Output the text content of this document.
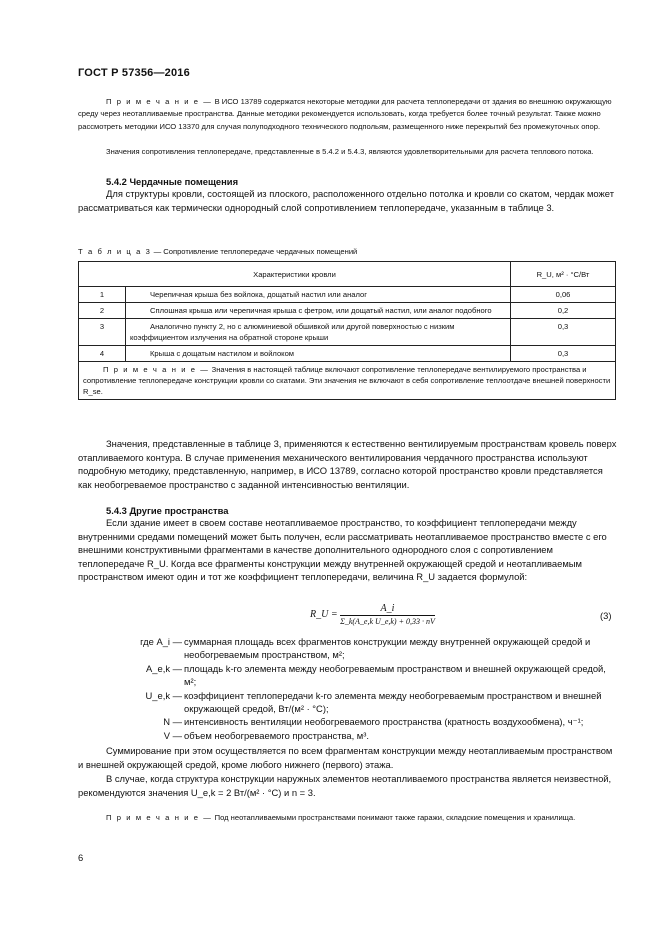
ГОСТ Р 57356—2016
П р и м е ч а н и е — В ИСО 13789 содержатся некоторые методики для расчета теплопередачи от здания во внешнюю окружающую среду через неотапливаемые пространства. Данные методики рекомендуется использовать, когда требуется более точный результат. Также можно рассмотреть методики ИСО 13370 для случая полуподходного технического подпольям, размещенного ниже перекрытий без промежуточных опор.
Значения сопротивления теплопередаче, представленные в 5.4.2 и 5.4.3, являются удовлетворительными для расчета теплового потока.
5.4.2 Чердачные помещения
Для структуры кровли, состоящей из плоского, расположенного отдельно потолка и кровли со скатом, чердак может рассматриваться как термически однородный слой сопротивлением теплопередаче, указанным в таблице 3.
Т а б л и ц а 3 — Сопротивление теплопередаче чердачных помещений
Характеристики кровли		R_U, м² · °C/Вт
1	Черепичная крыша без войлока, дощатый настил или аналог	0,06
2	Сплошная крыша или черепичная крыша с фетром, или дощатый настил, или аналог подобного	0,2
3	Аналогично пункту 2, но с алюминиевой обшивкой или другой поверхностью с низким коэффициентом излучения на обратной стороне крыши	0,3
4	Крыша с дощатым настилом и войлоком	0,3
П р и м е ч а н и е — Значения в настоящей таблице включают сопротивление теплопередаче вентилируемого пространства и сопротивление теплопередаче конструкции кровли со скатами. Эти значения не включают в себя сопротивление теплоотдаче внешней поверхности R_se.		
Значения, представленные в таблице 3, применяются к естественно вентилируемым пространствам кровель поверх отапливаемого контура. В случае применения механического вентилирования чердачного пространства используют подробную методику, представленную, например, в ИСО 13789, согласно которой пространство кровли представляется как необогреваемое пространство с заданной интенсивностью вентиляции.
5.4.3 Другие пространства
Если здание имеет в своем составе неотапливаемое пространство, то коэффициент теплопередачи между внутренними средами помещений может быть получен, если рассматривать неотапливаемое пространство вместе с его внешними конструктивными фрагментами в качестве дополнительного однородного слоя с сопротивлением теплопередаче R_U. Когда все фрагменты конструкции между внутренней окружающей средой и неотапливаемым пространством имеют один и тот же коэффициент теплопередачи, величина R_U задается формулой:
R_U = $\frac{A\_i}{\text{Σ\_k(A\_e,k U\_e,k) + 0,33 · nV}}$	(3)
где A_i — суммарная площадь всех фрагментов конструкции между внутренней окружающей средой и необогреваемым пространством, м²;
A_e,k — площадь k-го элемента между необогреваемым пространством и внешней окружающей средой, м²;
U_e,k — коэффициент теплопередачи k-го элемента между необогреваемым пространством и внешней окружающей средой, Вт/(м² · °C);
N — интенсивность вентиляции необогреваемого пространства (кратность воздухообмена), ч⁻¹;
V — объем необогреваемого пространства, м³.
Суммирование при этом осуществляется по всем фрагментам конструкции между неотапливаемым пространством и внешней окружающей средой, кроме любого нижнего (первого) этажа.
В случае, когда структура конструкции наружных элементов неотапливаемого пространства является неизвестной, рекомендуются значения U_e,k = 2 Вт/(м² · °C) и n = 3.
П р и м е ч а н и е — Под неотапливаемыми пространствами понимают также гаражи, складские помещения и хранилища.
6
